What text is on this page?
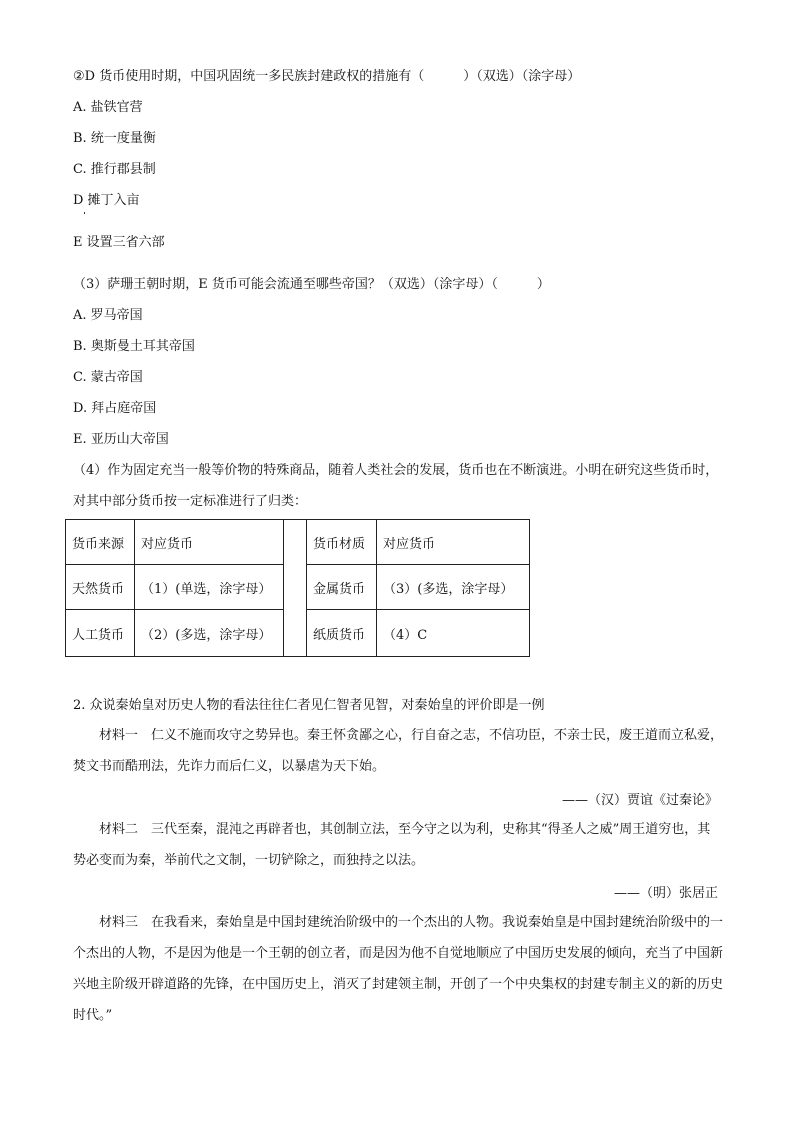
②D 货币使用时期，中国巩固统一多民族封建政权的措施有（　　　）（双选）（涂字母）
A. 盐铁官营
B. 统一度量衡
C. 推行郡县制
D 摊丁入亩
E 设置三省六部
（3）萨珊王朝时期，E 货币可能会流通至哪些帝国？（双选）（涂字母）（　　　）
A. 罗马帝国
B. 奥斯曼土耳其帝国
C. 蒙古帝国
D. 拜占庭帝国
E. 亚历山大帝国
（4）作为固定充当一般等价物的特殊商品，随着人类社会的发展，货币也在不断演进。小明在研究这些货币时，对其中部分货币按一定标准进行了归类：
货币来源	对应货币		货币材质	对应货币
天然货币	（1）(单选，涂字母）		金属货币	（3）(多选，涂字母）
人工货币	（2）(多选，涂字母）		纸质货币	（4）C
2. 众说秦始皇对历史人物的看法往往仁者见仁智者见智，对秦始皇的评价即是一例
材料一　仁义不施而攻守之势异也。秦王怀贪鄙之心，行自奋之志，不信功臣，不亲士民，废王道而立私爱，焚文书而酷刑法，先诈力而后仁义，以暴虐为天下始。
——（汉）贾谊《过秦论》
材料二　三代至秦，混沌之再辟者也，其创制立法，至今守之以为利，史称其“得圣人之威”周王道穷也，其势必变而为秦，举前代之文制，一切铲除之，而独持之以法。
——（明）张居正
材料三　在我看来，秦始皇是中国封建统治阶级中的一个杰出的人物。我说秦始皇是中国封建统治阶级中的一个杰出的人物，不是因为他是一个王朝的创立者，而是因为他不自觉地顺应了中国历史发展的倾向，充当了中国新兴地主阶级开辟道路的先锋，在中国历史上，消灭了封建领主制，开创了一个中央集权的封建专制主义的新的历史时代。”
